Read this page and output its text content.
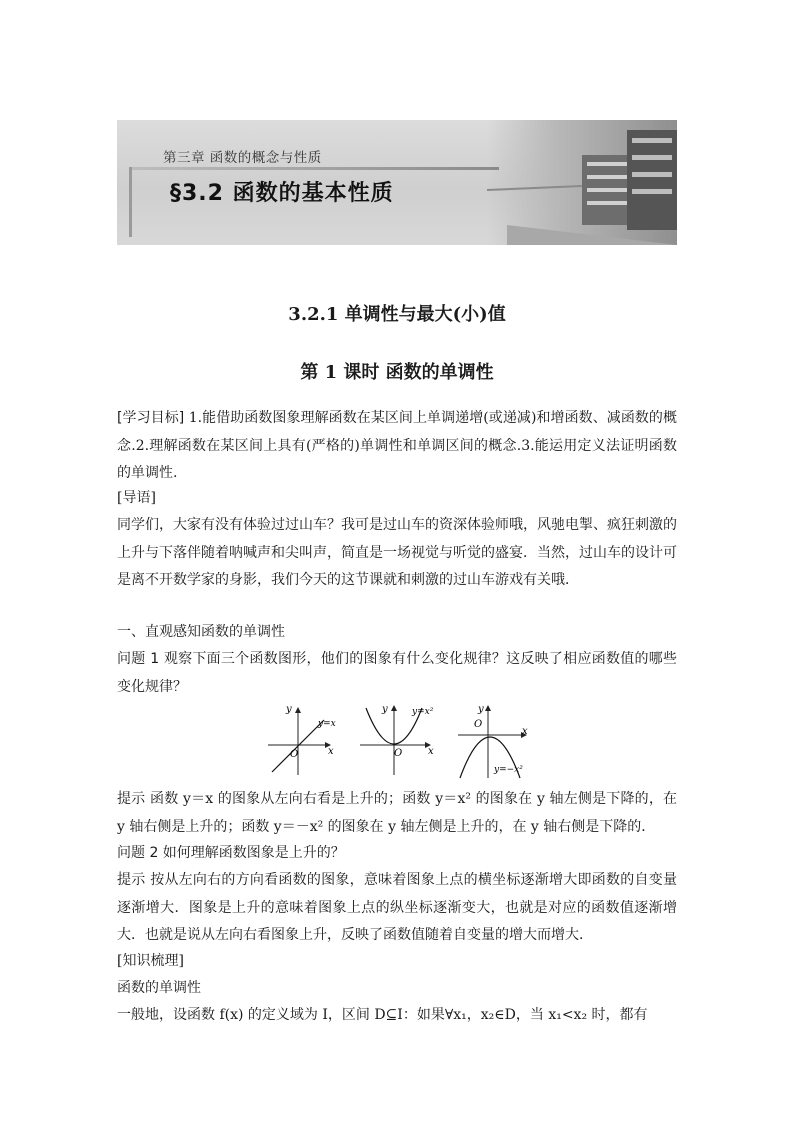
第三章 函数的概念与性质
§3.2 函数的基本性质
3.2.1 单调性与最大(小)值
第 1 课时 函数的单调性
[学习目标] 1.能借助函数图象理解函数在某区间上单调递增(或递减)和增函数、减函数的概念.2.理解函数在某区间上具有(严格的)单调性和单调区间的概念.3.能运用定义法证明函数的单调性.
[导语]
同学们，大家有没有体验过过山车？我可是过山车的资深体验师哦，风驰电掣、疯狂刺激的上升与下落伴随着呐喊声和尖叫声，简直是一场视觉与听觉的盛宴．当然，过山车的设计可是离不开数学家的身影，我们今天的这节课就和刺激的过山车游戏有关哦．
一、直观感知函数的单调性
问题 1 观察下面三个函数图形，他们的图象有什么变化规律？这反映了相应函数值的哪些变化规律？
y
x
O
y=x
y
x
O
y=x²	y
x
O
y=−x²
提示 函数 y＝x 的图象从左向右看是上升的；函数 y＝x² 的图象在 y 轴左侧是下降的，在 y 轴右侧是上升的；函数 y＝－x² 的图象在 y 轴左侧是上升的，在 y 轴右侧是下降的．
问题 2 如何理解函数图象是上升的？
提示 按从左向右的方向看函数的图象，意味着图象上点的横坐标逐渐增大即函数的自变量逐渐增大．图象是上升的意味着图象上点的纵坐标逐渐变大，也就是对应的函数值逐渐增大．也就是说从左向右看图象上升，反映了函数值随着自变量的增大而增大．
[知识梳理]
函数的单调性
一般地，设函数 f(x) 的定义域为 I，区间 D⊆I：如果∀x₁，x₂∈D，当 x₁<x₂ 时，都有
